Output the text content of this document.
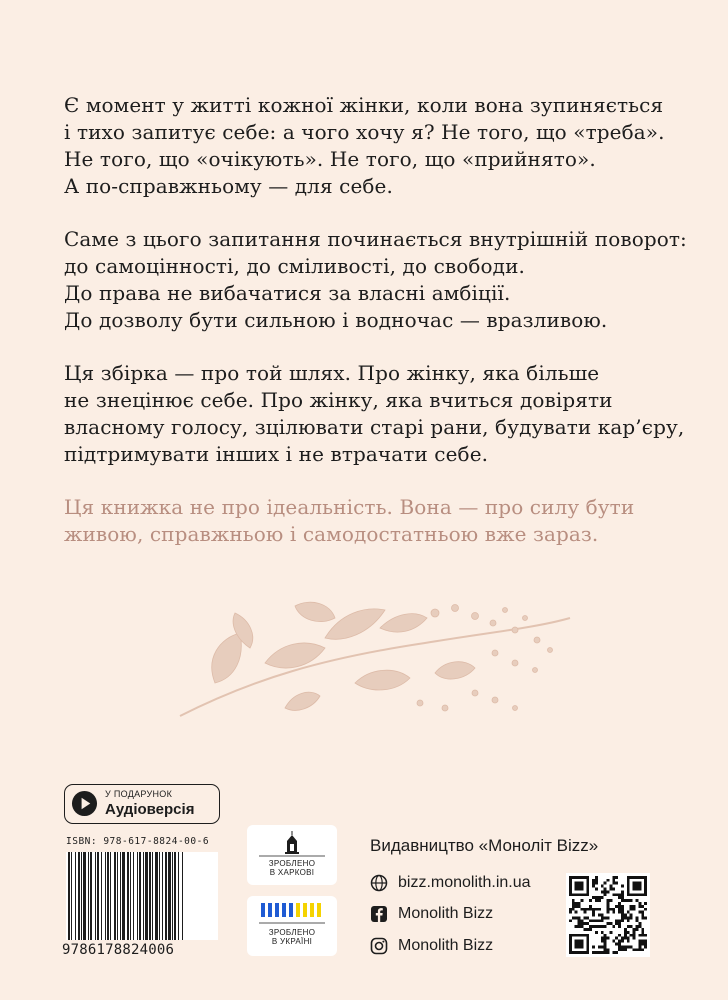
Є момент у житті кожної жінки, коли вона зупиняється
і тихо запитує себе: а чого хочу я? Не того, що «треба».
Не того, що «очікують». Не того, що «прийнято».
А по-справжньому — для себе.

Саме з цього запитання починається внутрішній поворот:
до самоцінності, до сміливості, до свободи.
До права не вибачатися за власні амбіції.
До дозволу бути сильною і водночас — вразливою.

Ця збірка — про той шлях. Про жінку, яка більше
не знецінює себе. Про жінку, яка вчиться довіряти
власному голосу, зцілювати старі рани, будувати кар’єру,
підтримувати інших і не втрачати себе.

Ця книжка не про ідеальність. Вона — про силу бути
живою, справжньою і самодостатньою вже зараз.

У ПОДАРУНОК
Аудіоверсія
ISBN: 978-617-8824-00-6
9786178824006
ЗРОБЛЕНО
В ХАРКОВІ
ЗРОБЛЕНО
В УКРАЇНІ
Видавництво «Моноліт Bizz»
bizz.monolith.in.ua
Monolith Bizz
Monolith Bizz
